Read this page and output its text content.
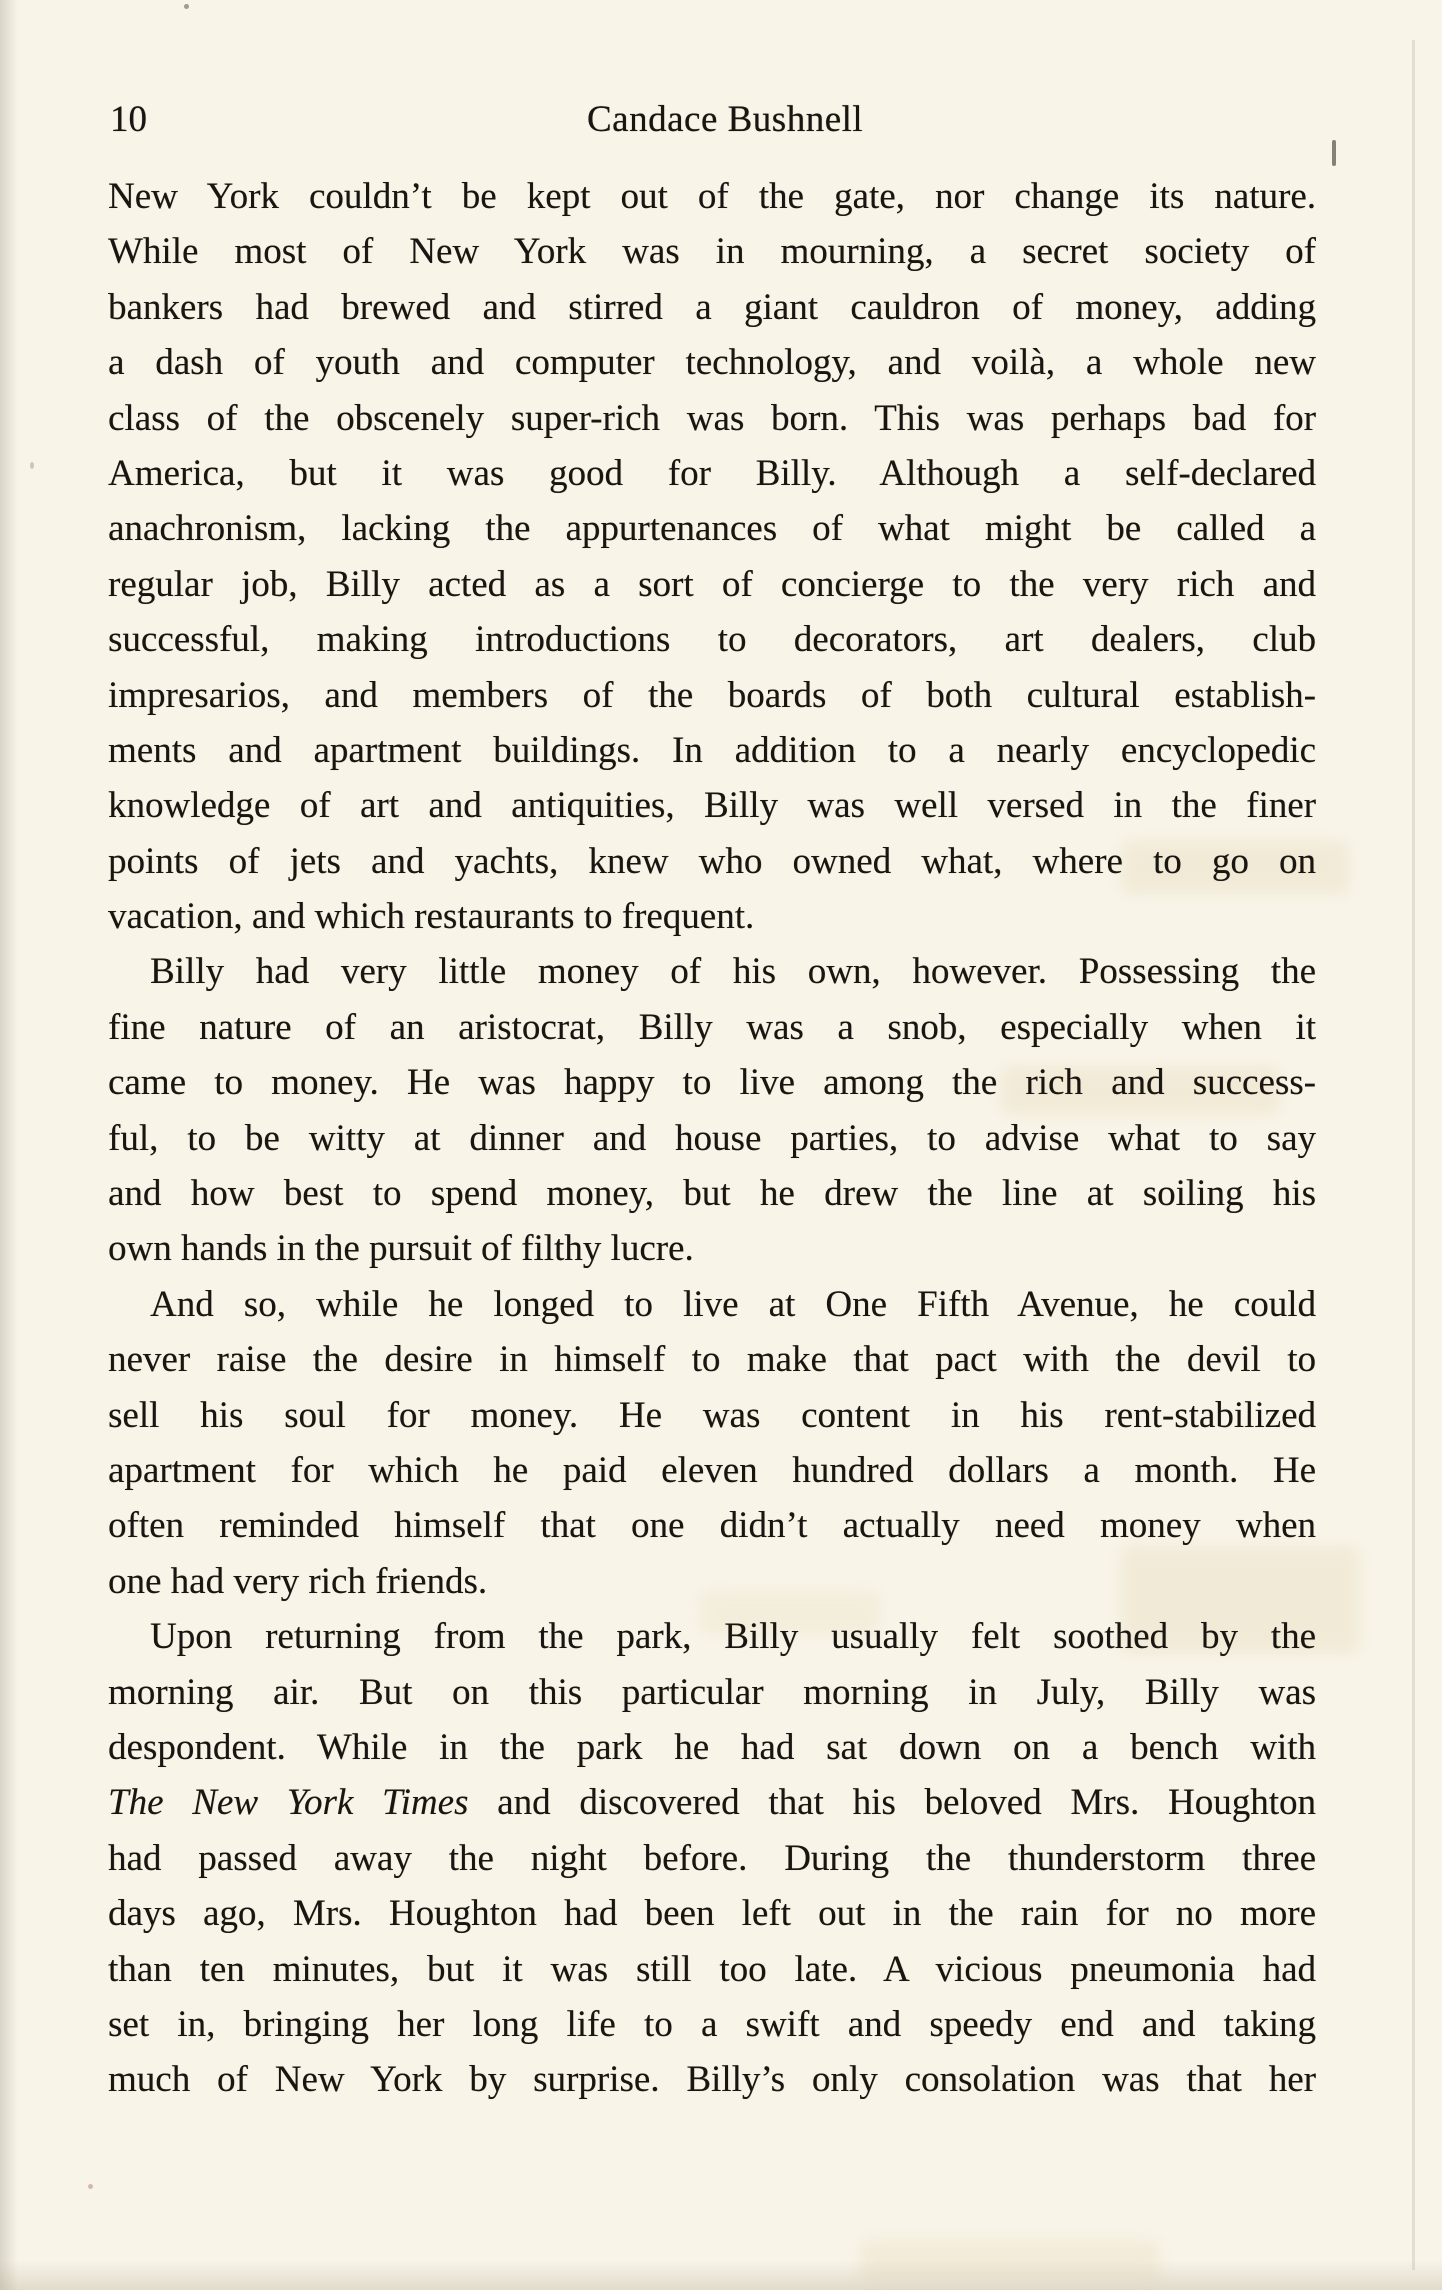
10	Candace Bushnell
New York couldn’t be kept out of the gate, nor change its nature.
While most of New York was in mourning, a secret society of
bankers had brewed and stirred a giant cauldron of money, adding
a dash of youth and computer technology, and voilà, a whole new
class of the obscenely super-rich was born. This was perhaps bad for
America, but it was good for Billy. Although a self-declared
anachronism, lacking the appurtenances of what might be called a
regular job, Billy acted as a sort of concierge to the very rich and
successful, making introductions to decorators, art dealers, club
impresarios, and members of the boards of both cultural establish-
ments and apartment buildings. In addition to a nearly encyclopedic
knowledge of art and antiquities, Billy was well versed in the finer
points of jets and yachts, knew who owned what, where to go on
vacation, and which restaurants to frequent.
Billy had very little money of his own, however. Possessing the
fine nature of an aristocrat, Billy was a snob, especially when it
came to money. He was happy to live among the rich and success-
ful, to be witty at dinner and house parties, to advise what to say
and how best to spend money, but he drew the line at soiling his
own hands in the pursuit of filthy lucre.
And so, while he longed to live at One Fifth Avenue, he could
never raise the desire in himself to make that pact with the devil to
sell his soul for money. He was content in his rent-stabilized
apartment for which he paid eleven hundred dollars a month. He
often reminded himself that one didn’t actually need money when
one had very rich friends.
Upon returning from the park, Billy usually felt soothed by the
morning air. But on this particular morning in July, Billy was
despondent. While in the park he had sat down on a bench with
The New York Times and discovered that his beloved Mrs. Houghton
had passed away the night before. During the thunderstorm three
days ago, Mrs. Houghton had been left out in the rain for no more
than ten minutes, but it was still too late. A vicious pneumonia had
set in, bringing her long life to a swift and speedy end and taking
much of New York by surprise. Billy’s only consolation was that her
